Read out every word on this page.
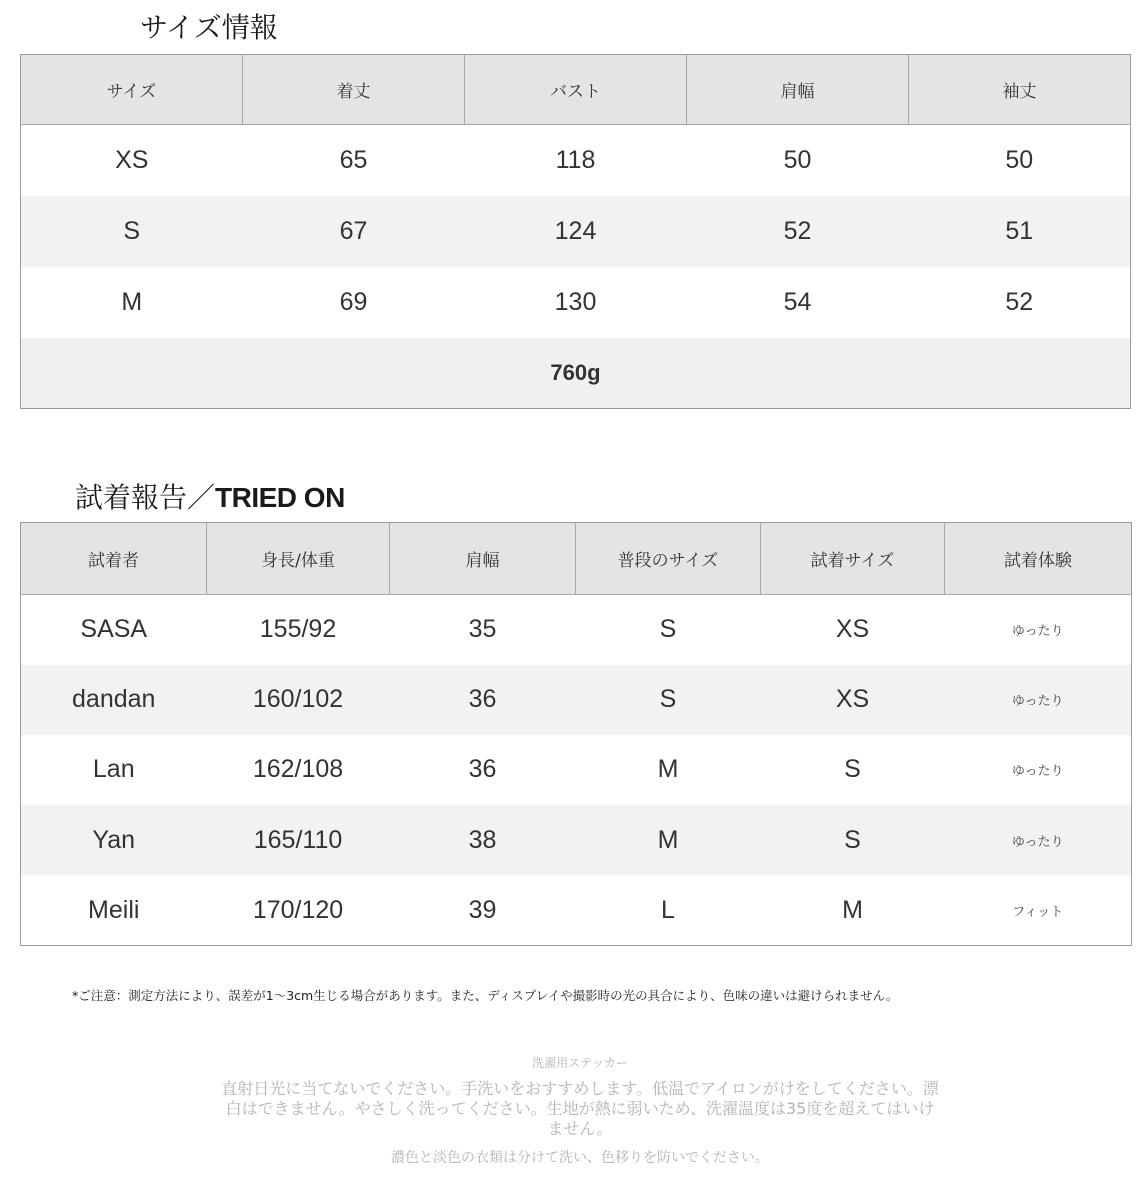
サイズ情報
サイズ	着丈	バスト	肩幅	袖丈
XS	65	118	50	50
S	67	124	52	51
M	69	130	54	52
760g				
試着報告／TRIED ON
試着者	身長/体重	肩幅	普段のサイズ	試着サイズ	試着体験
SASA	155/92	35	S	XS	ゆったり
dandan	160/102	36	S	XS	ゆったり
Lan	162/108	36	M	S	ゆったり
Yan	165/110	38	M	S	ゆったり
Meili	170/120	39	L	M	フィット

*ご注意：測定方法により、誤差が1～3cm生じる場合があります。また、ディスプレイや撮影時の光の具合により、色味の違いは避けられません。

洗濯用ステッカー

直射日光に当てないでください。手洗いをおすすめします。低温でアイロンがけをしてください。漂白はできません。やさしく洗ってください。生地が熱に弱いため、洗濯温度は35度を超えてはいけません。

濃色と淡色の衣類は分けて洗い、色移りを防いでください。
